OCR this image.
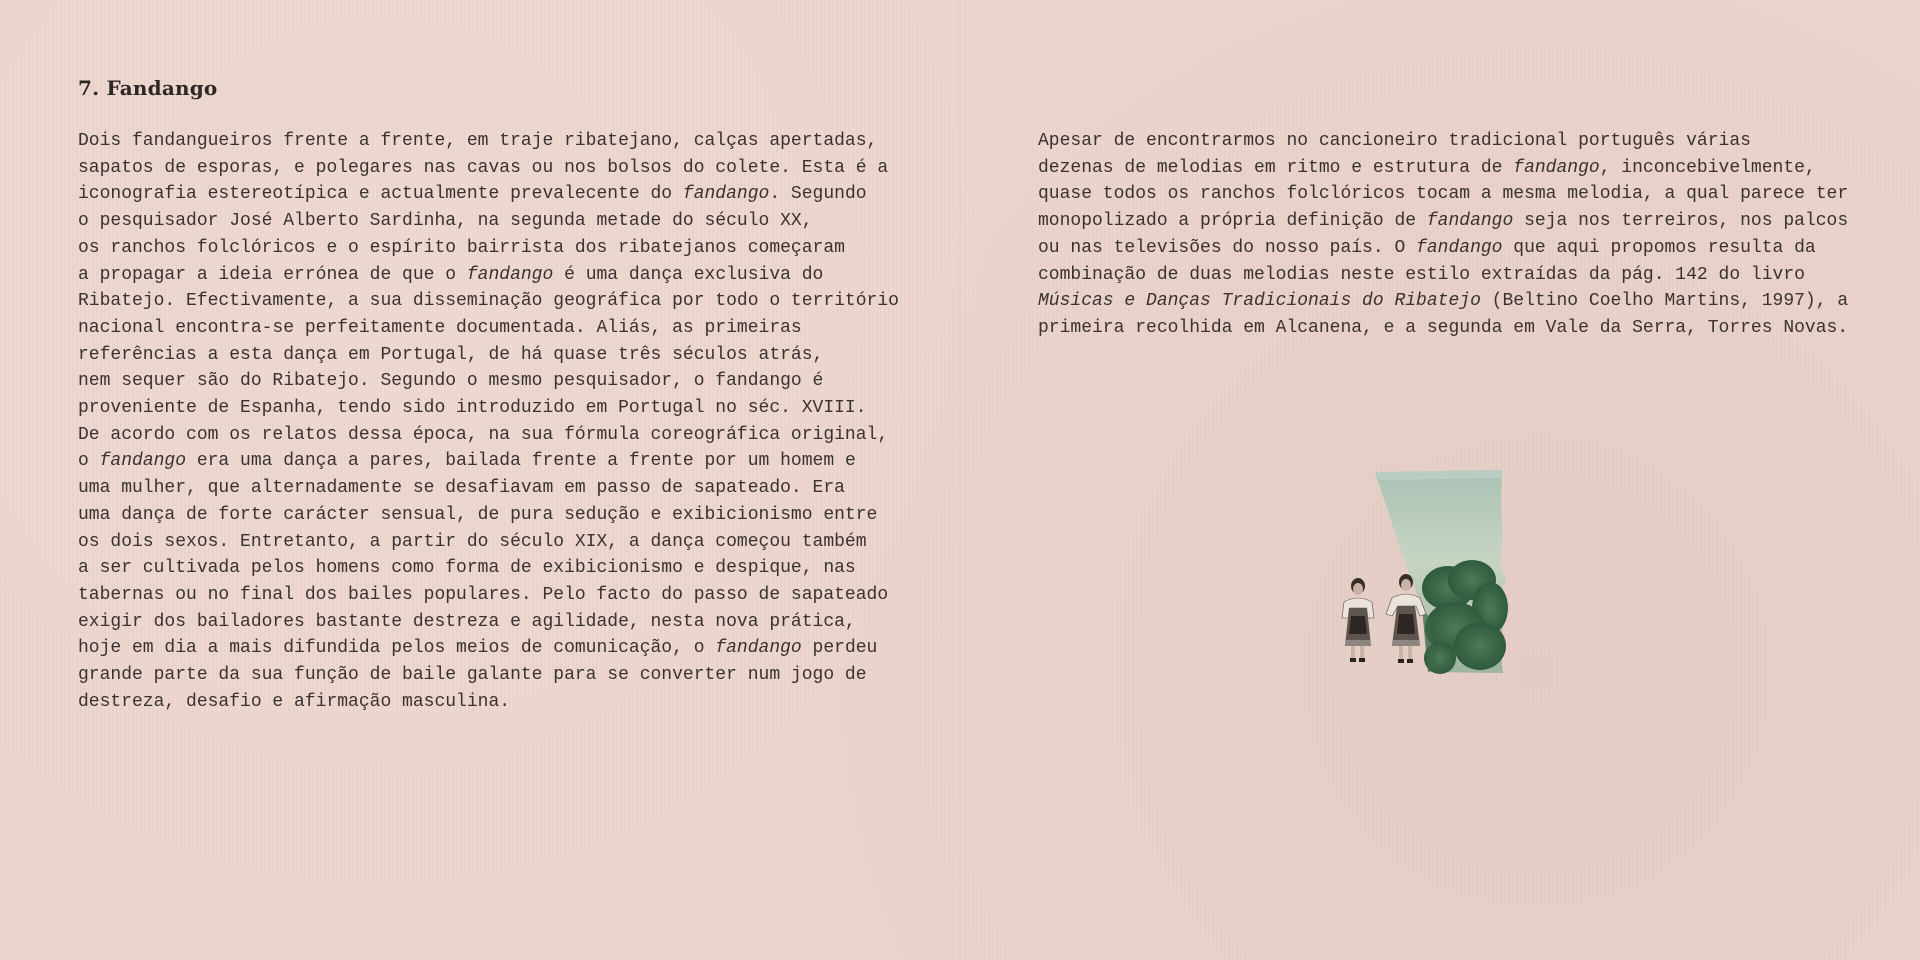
7. Fandango
Dois fandangueiros frente a frente, em traje ribatejano, calças apertadas,
sapatos de esporas, e polegares nas cavas ou nos bolsos do colete. Esta é a
iconografia estereotípica e actualmente prevalecente do fandango. Segundo
o pesquisador José Alberto Sardinha, na segunda metade do século XX,
os ranchos folclóricos e o espírito bairrista dos ribatejanos começaram
a propagar a ideia errónea de que o fandango é uma dança exclusiva do
Ribatejo. Efectivamente, a sua disseminação geográfica por todo o território
nacional encontra-se perfeitamente documentada. Aliás, as primeiras
referências a esta dança em Portugal, de há quase três séculos atrás,
nem sequer são do Ribatejo. Segundo o mesmo pesquisador, o fandango é
proveniente de Espanha, tendo sido introduzido em Portugal no séc. XVIII.
De acordo com os relatos dessa época, na sua fórmula coreográfica original,
o fandango era uma dança a pares, bailada frente a frente por um homem e
uma mulher, que alternadamente se desafiavam em passo de sapateado. Era
uma dança de forte carácter sensual, de pura sedução e exibicionismo entre
os dois sexos. Entretanto, a partir do século XIX, a dança começou também
a ser cultivada pelos homens como forma de exibicionismo e despique, nas
tabernas ou no final dos bailes populares. Pelo facto do passo de sapateado
exigir dos bailadores bastante destreza e agilidade, nesta nova prática,
hoje em dia a mais difundida pelos meios de comunicação, o fandango perdeu
grande parte da sua função de baile galante para se converter num jogo de
destreza, desafio e afirmação masculina.
Apesar de encontrarmos no cancioneiro tradicional português várias
dezenas de melodias em ritmo e estrutura de fandango, inconcebivelmente,
quase todos os ranchos folclóricos tocam a mesma melodia, a qual parece ter
monopolizado a própria definição de fandango seja nos terreiros, nos palcos
ou nas televisões do nosso país. O fandango que aqui propomos resulta da
combinação de duas melodias neste estilo extraídas da pág. 142 do livro
Músicas e Danças Tradicionais do Ribatejo (Beltino Coelho Martins, 1997), a
primeira recolhida em Alcanena, e a segunda em Vale da Serra, Torres Novas.
